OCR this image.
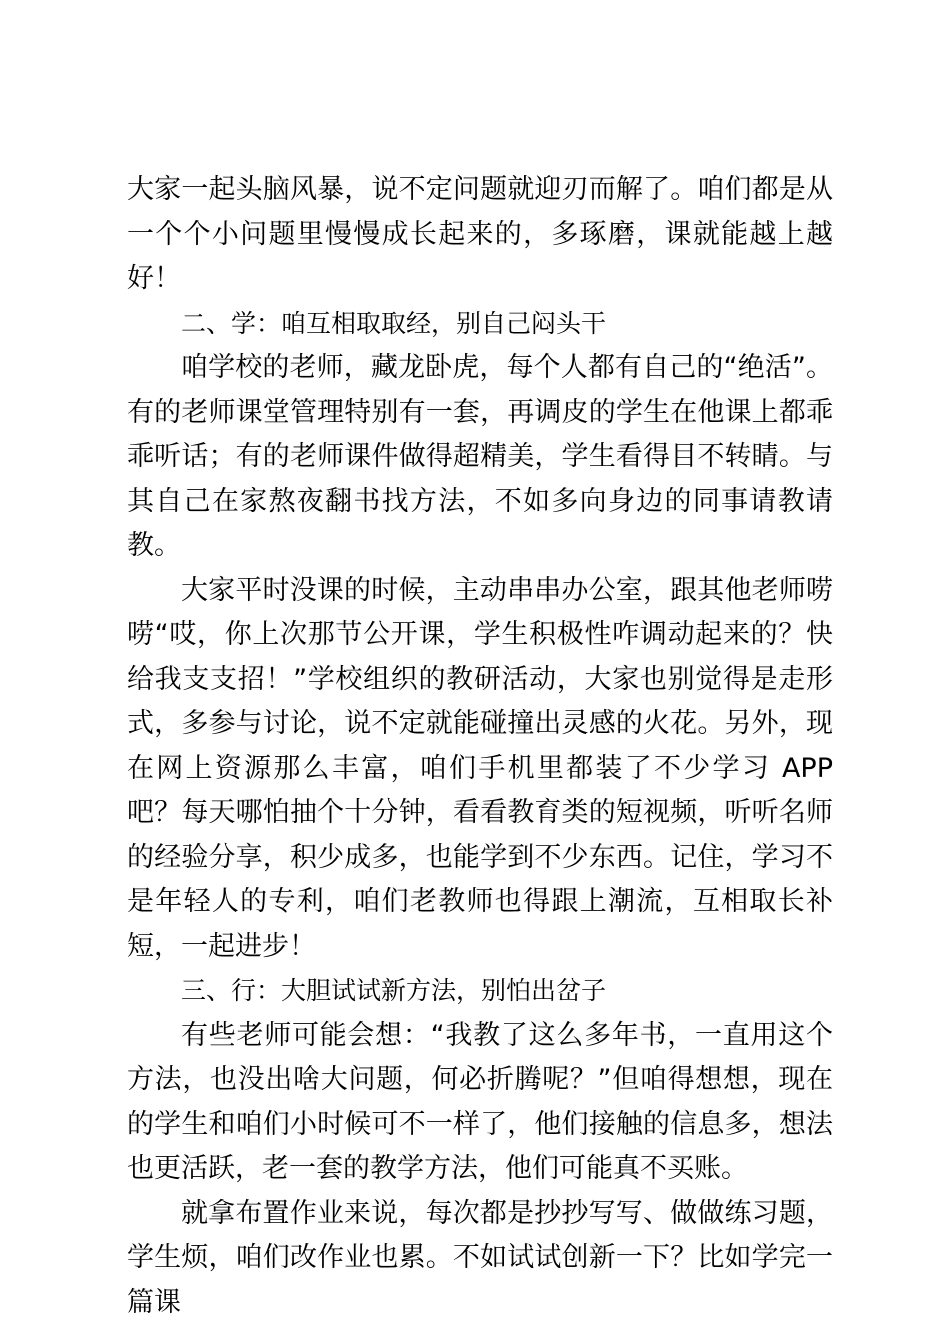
大家一起头脑风暴，说不定问题就迎刃而解了。咱们都是从一个个小问题里慢慢成长起来的，多琢磨，课就能越上越好！

二、学：咱互相取取经，别自己闷头干

咱学校的老师，藏龙卧虎，每个人都有自己的“绝活”。有的老师课堂管理特别有一套，再调皮的学生在他课上都乖乖听话；有的老师课件做得超精美，学生看得目不转睛。与其自己在家熬夜翻书找方法，不如多向身边的同事请教请教。

大家平时没课的时候，主动串串办公室，跟其他老师唠唠“哎，你上次那节公开课，学生积极性咋调动起来的？快给我支支招！”学校组织的教研活动，大家也别觉得是走形式，多参与讨论，说不定就能碰撞出灵感的火花。另外，现在网上资源那么丰富，咱们手机里都装了不少学习 APP 吧？每天哪怕抽个十分钟，看看教育类的短视频，听听名师的经验分享，积少成多，也能学到不少东西。记住，学习不是年轻人的专利，咱们老教师也得跟上潮流，互相取长补短，一起进步！

三、行：大胆试试新方法，别怕出岔子

有些老师可能会想：“我教了这么多年书，一直用这个方法，也没出啥大问题，何必折腾呢？”但咱得想想，现在的学生和咱们小时候可不一样了，他们接触的信息多，想法也更活跃，老一套的教学方法，他们可能真不买账。

就拿布置作业来说，每次都是抄抄写写、做做练习题，学生烦，咱们改作业也累。不如试试创新一下？比如学完一篇课
